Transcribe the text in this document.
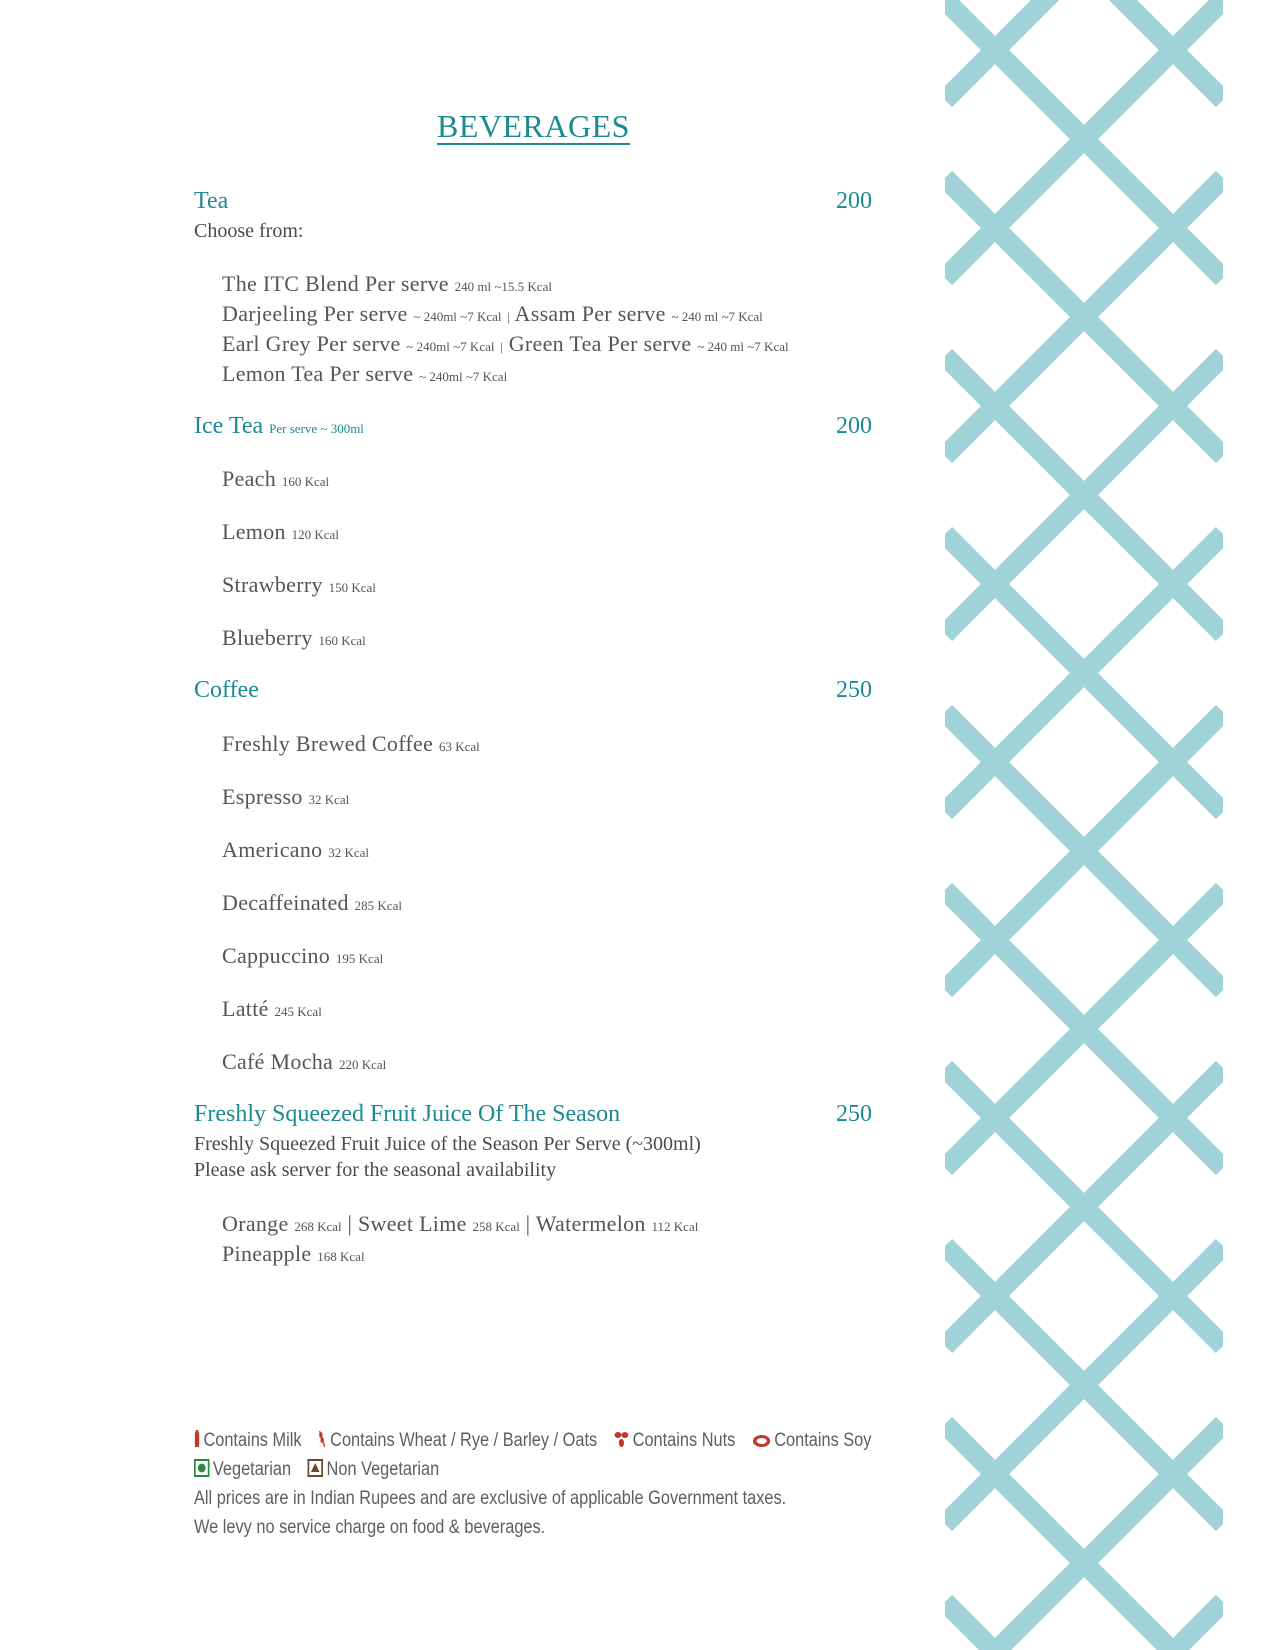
BEVERAGES
Tea	200
Choose from:
The ITC Blend Per serve 240 ml ~15.5 Kcal
Darjeeling Per serve ~ 240ml ~7 Kcal | Assam Per serve ~ 240 ml ~7 Kcal
Earl Grey Per serve ~ 240ml ~7 Kcal | Green Tea Per serve ~ 240 ml ~7 Kcal
Lemon Tea Per serve ~ 240ml ~7 Kcal
Ice Tea Per serve ~ 300ml	200
Peach 160 Kcal
Lemon 120 Kcal
Strawberry 150 Kcal
Blueberry 160 Kcal
Coffee	250
Freshly Brewed Coffee 63 Kcal
Espresso 32 Kcal
Americano 32 Kcal
Decaffeinated 285 Kcal
Cappuccino 195 Kcal
Latté 245 Kcal
Café Mocha 220 Kcal
Freshly Squeezed Fruit Juice Of The Season	250
Freshly Squeezed Fruit Juice of the Season Per Serve (~300ml)
Please ask server for the seasonal availability
Orange 268 Kcal | Sweet Lime 258 Kcal | Watermelon 112 Kcal
Pineapple 168 Kcal
Contains Milk Contains Wheat / Rye / Barley / Oats Contains Nuts Contains Soy
Vegetarian Non Vegetarian
All prices are in Indian Rupees and are exclusive of applicable Government taxes.
We levy no service charge on food & beverages.
